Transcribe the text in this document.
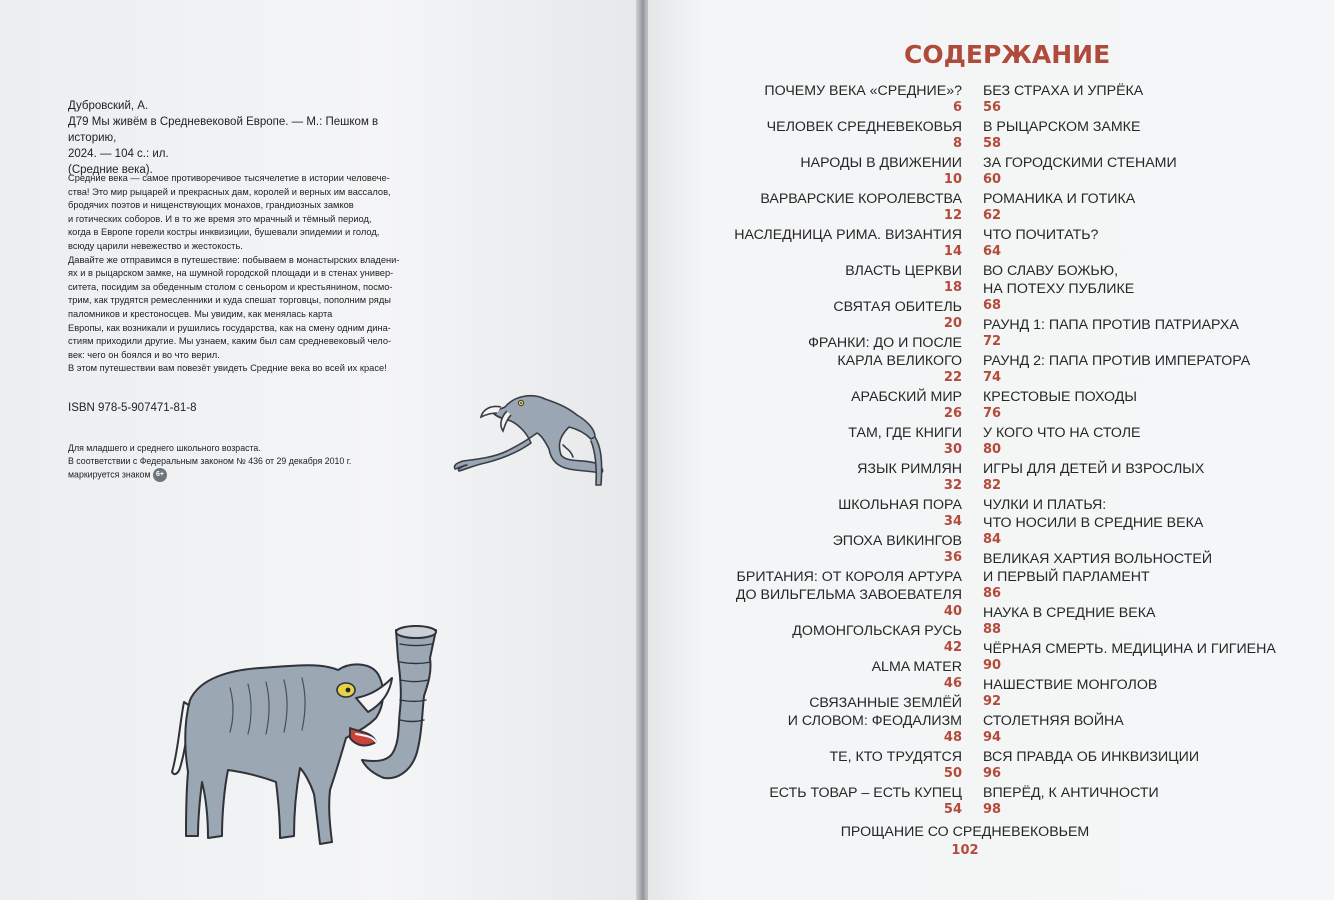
Дубровский, А.
Д79 Мы живём в Средневековой Европе. — М.: Пешком в историю,
2024. — 104 с.: ил.
(Средние века).

Средние века — самое противоречивое тысячелетие в истории человече-

ства! Это мир рыцарей и прекрасных дам, королей и верных им вассалов,

бродячих поэтов и нищенствующих монахов, грандиозных замков

и готических соборов. И в то же время это мрачный и тёмный период,

когда в Европе горели костры инквизиции, бушевали эпидемии и голод,

всюду царили невежество и жестокость.

Давайте же отправимся в путешествие: побываем в монастырских владени-

ях и в рыцарском замке, на шумной городской площади и в стенах универ-

ситета, посидим за обеденным столом с сеньором и крестьянином, посмо-

трим, как трудятся ремесленники и куда спешат торговцы, пополним ряды

паломников и крестоносцев. Мы увидим, как менялась карта

Европы, как возникали и рушились государства, как на смену одним дина-

стиям приходили другие. Мы узнаем, каким был сам средневековый чело-

век: чего он боялся и во что верил.

В этом путешествии вам повезёт увидеть Средние века во всей их красе!

ISBN 978-5-907471-81-8
Для младшего и среднего школьного возраста.
В соответствии с Федеральным законом № 436 от 29 декабря 2010 г.
маркируется знаком 6+
СОДЕРЖАНИЕ
ПОЧЕМУ ВЕКА «СРЕДНИЕ»?
6
ЧЕЛОВЕК СРЕДНЕВЕКОВЬЯ
8
НАРОДЫ В ДВИЖЕНИИ
10
ВАРВАРСКИЕ КОРОЛЕВСТВА
12
НАСЛЕДНИЦА РИМА. ВИЗАНТИЯ
14
ВЛАСТЬ ЦЕРКВИ
18
СВЯТАЯ ОБИТЕЛЬ
20
ФРАНКИ: ДО И ПОСЛЕ
КАРЛА ВЕЛИКОГО
22
АРАБСКИЙ МИР
26
ТАМ, ГДЕ КНИГИ
30
ЯЗЫК РИМЛЯН
32
ШКОЛЬНАЯ ПОРА
34
ЭПОХА ВИКИНГОВ
36
БРИТАНИЯ: ОТ КОРОЛЯ АРТУРА
ДО ВИЛЬГЕЛЬМА ЗАВОЕВАТЕЛЯ
40
ДОМОНГОЛЬСКАЯ РУСЬ
42
ALMA MATER
46
СВЯЗАННЫЕ ЗЕМЛЁЙ
И СЛОВОМ: ФЕОДАЛИЗМ
48
ТЕ, КТО ТРУДЯТСЯ
50
ЕСТЬ ТОВАР – ЕСТЬ КУПЕЦ
54
БЕЗ СТРАХА И УПРЁКА
56
В РЫЦАРСКОМ ЗАМКЕ
58
ЗА ГОРОДСКИМИ СТЕНАМИ
60
РОМАНИКА И ГОТИКА
62
ЧТО ПОЧИТАТЬ?
64
ВО СЛАВУ БОЖЬЮ,
НА ПОТЕХУ ПУБЛИКЕ
68
РАУНД 1: ПАПА ПРОТИВ ПАТРИАРХА
72
РАУНД 2: ПАПА ПРОТИВ ИМПЕРАТОРА
74
КРЕСТОВЫЕ ПОХОДЫ
76
У КОГО ЧТО НА СТОЛЕ
80
ИГРЫ ДЛЯ ДЕТЕЙ И ВЗРОСЛЫХ
82
ЧУЛКИ И ПЛАТЬЯ:
ЧТО НОСИЛИ В СРЕДНИЕ ВЕКА
84
ВЕЛИКАЯ ХАРТИЯ ВОЛЬНОСТЕЙ
И ПЕРВЫЙ ПАРЛАМЕНТ
86
НАУКА В СРЕДНИЕ ВЕКА
88
ЧЁРНАЯ СМЕРТЬ. МЕДИЦИНА И ГИГИЕНА
90
НАШЕСТВИЕ МОНГОЛОВ
92
СТОЛЕТНЯЯ ВОЙНА
94
ВСЯ ПРАВДА ОБ ИНКВИЗИЦИИ
96
ВПЕРЁД, К АНТИЧНОСТИ
98
ПРОЩАНИЕ СО СРЕДНЕВЕКОВЬЕМ
102
